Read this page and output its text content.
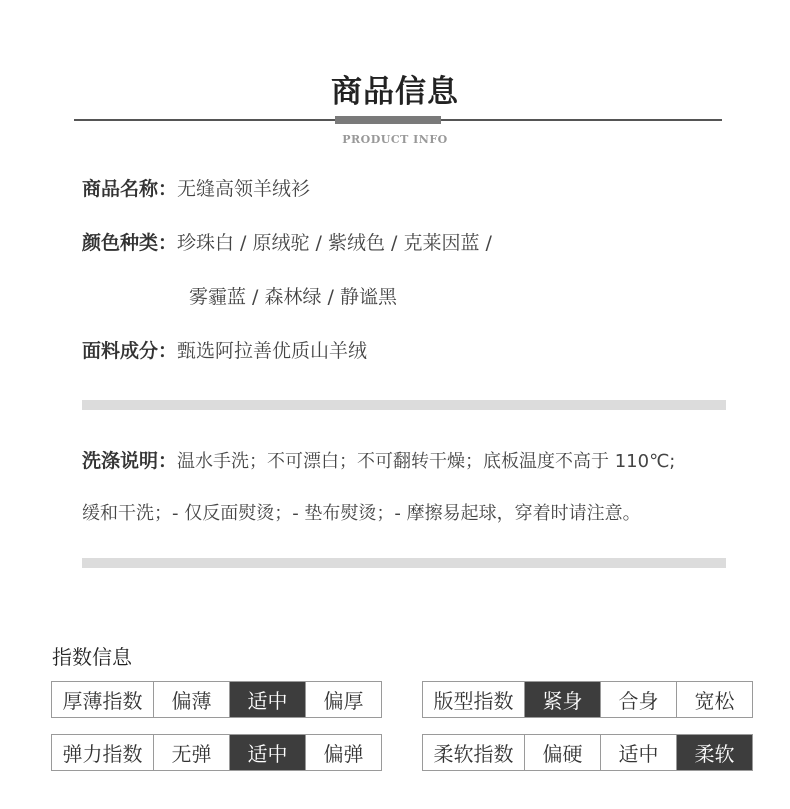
商品信息
PRODUCT INFO
商品名称：无缝高领羊绒衫
颜色种类：珍珠白 / 原绒驼 / 紫绒色 / 克莱因蓝 /
雾霾蓝 / 森林绿 / 静谧黑
面料成分：甄选阿拉善优质山羊绒
洗涤说明：温水手洗；不可漂白；不可翻转干燥；底板温度不高于 110℃;
缓和干洗；- 仅反面熨烫；- 垫布熨烫；- 摩擦易起球，穿着时请注意。
指数信息
厚薄指数	偏薄	适中	偏厚	版型指数	紧身	合身	宽松
弹力指数	无弹	适中	偏弹	柔软指数	偏硬	适中	柔软
